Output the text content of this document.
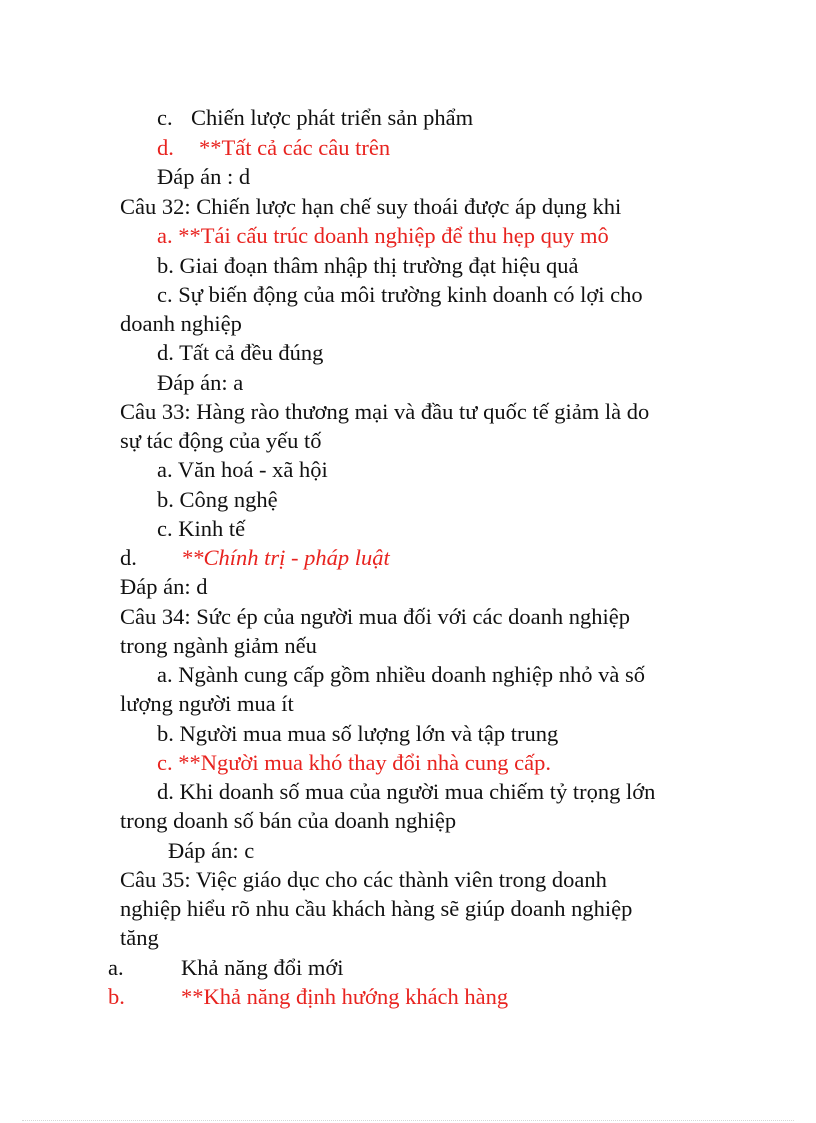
c. Chiến lược phát triển sản phẩm
d. **Tất cả các câu trên
Đáp án : d
Câu 32: Chiến lược hạn chế suy thoái được áp dụng khi
a. **Tái cấu trúc doanh nghiệp để thu hẹp quy mô
b. Giai đoạn thâm nhập thị trường đạt hiệu quả
c. Sự biến động của môi trường kinh doanh có lợi cho
doanh nghiệp
d. Tất cả đều đúng
Đáp án: a
Câu 33: Hàng rào thương mại và đầu tư quốc tế giảm là do
sự tác động của yếu tố
a. Văn hoá - xã hội
b. Công nghệ
c. Kinh tế
d. **Chính trị - pháp luật
Đáp án: d
Câu 34: Sức ép của người mua đối với các doanh nghiệp
trong ngành giảm nếu
a. Ngành cung cấp gồm nhiều doanh nghiệp nhỏ và số
lượng người mua ít
b. Người mua mua số lượng lớn và tập trung
c. **Người mua khó thay đổi nhà cung cấp.
d. Khi doanh số mua của người mua chiếm tỷ trọng lớn
trong doanh số bán của doanh nghiệp
Đáp án: c
Câu 35: Việc giáo dục cho các thành viên trong doanh
nghiệp hiểu rõ nhu cầu khách hàng sẽ giúp doanh nghiệp
tăng
a.	Khả năng đổi mới
b. **Khả năng định hướng khách hàng
